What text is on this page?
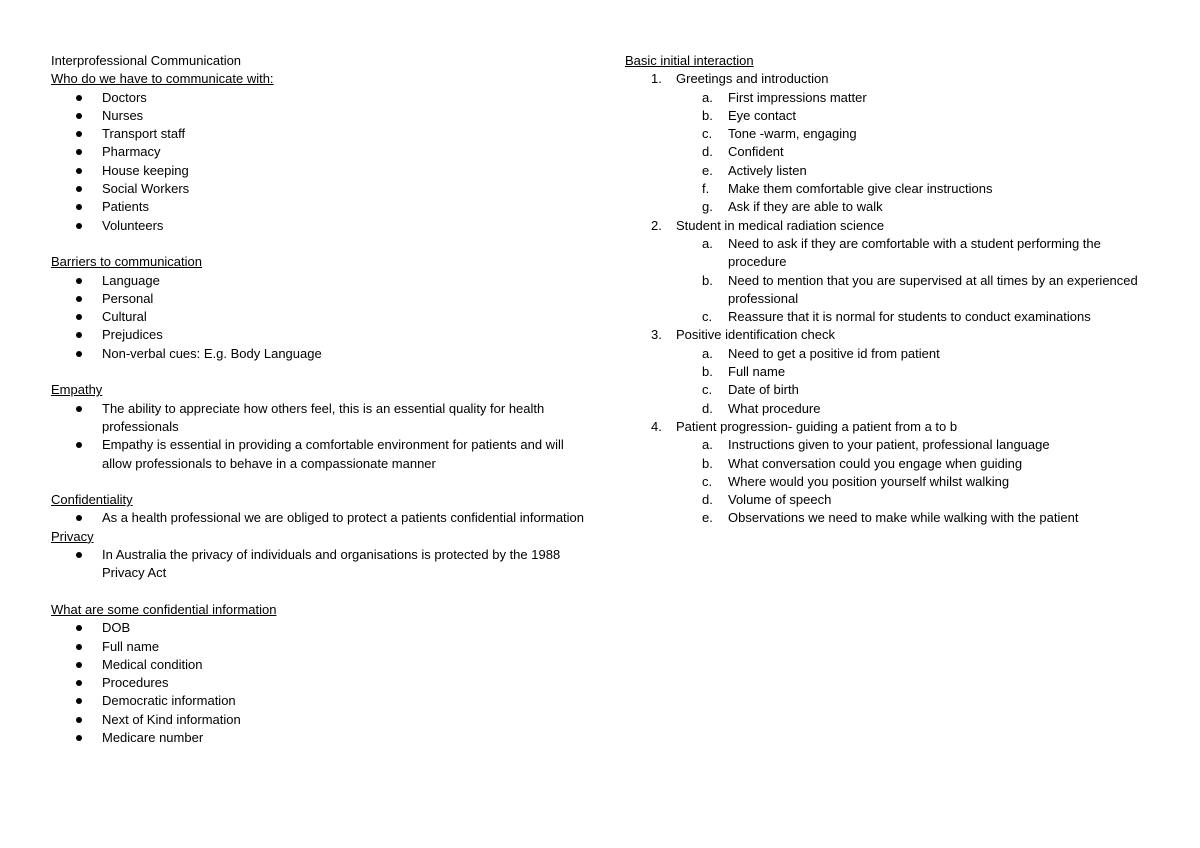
Interprofessional Communication
Who do we have to communicate with:
Doctors
Nurses
Transport staff
Pharmacy
House keeping
Social Workers
Patients
Volunteers
Barriers to communication
Language
Personal
Cultural
Prejudices
Non-verbal cues: E.g. Body Language
Empathy
The ability to appreciate how others feel, this is an essential quality for health professionals
Empathy is essential in providing a comfortable environment for patients and will allow professionals to behave in a compassionate manner
Confidentiality
As a health professional we are obliged to protect a patients confidential information
Privacy
In Australia the privacy of individuals and organisations is protected by the 1988 Privacy Act
What are some confidential information
DOB
Full name
Medical condition
Procedures
Democratic information
Next of Kind information
Medicare number
Basic initial interaction
1. Greetings and introduction
a. First impressions matter
b. Eye contact
c. Tone -warm, engaging
d. Confident
e. Actively listen
f. Make them comfortable give clear instructions
g. Ask if they are able to walk
2. Student in medical radiation science
a. Need to ask if they are comfortable with a student performing the procedure
b. Need to mention that you are supervised at all times by an experienced professional
c. Reassure that it is normal for students to conduct examinations
3. Positive identification check
a. Need to get a positive id from patient
b. Full name
c. Date of birth
d. What procedure
4. Patient progression- guiding a patient from a to b
a. Instructions given to your patient, professional language
b. What conversation could you engage when guiding
c. Where would you position yourself whilst walking
d. Volume of speech
e. Observations we need to make while walking with the patient
